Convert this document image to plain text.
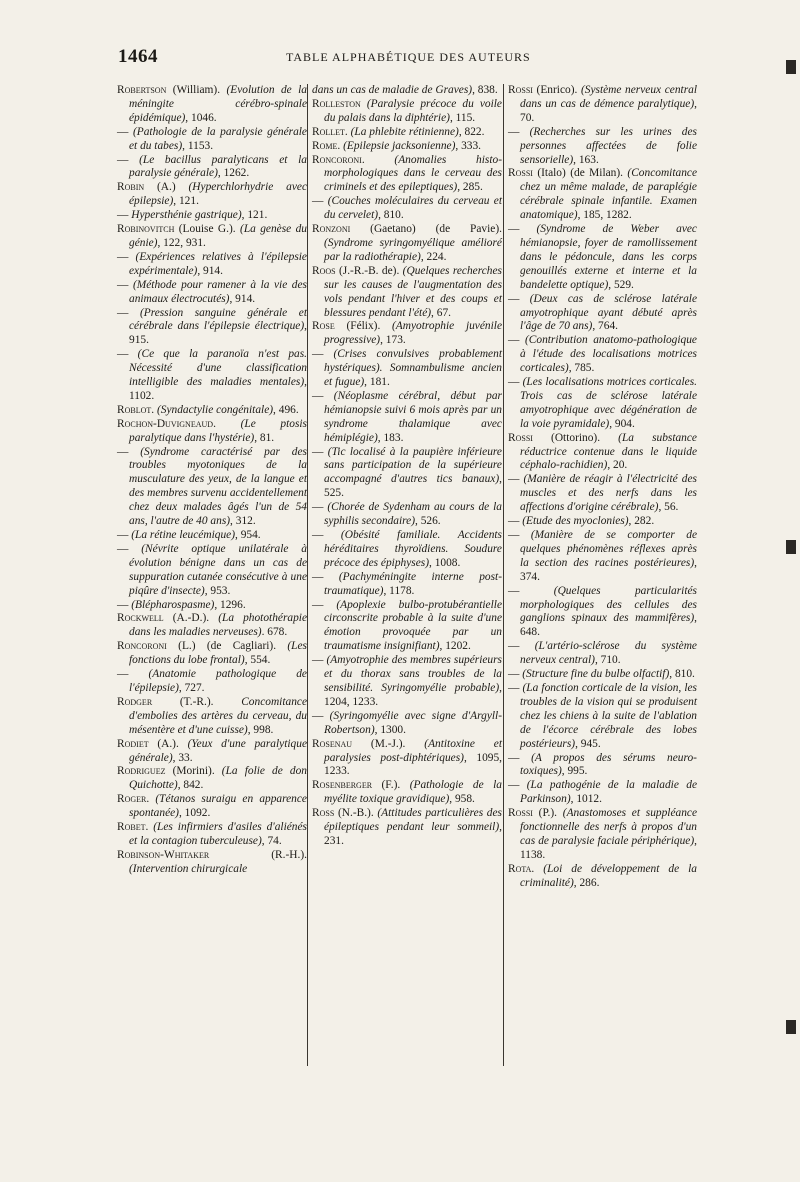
1464	TABLE ALPHABÉTIQUE DES AUTEURS

Robertson (William). (Evolution de la méningite cérébro-spinale épidémique), 1046.

— (Pathologie de la paralysie générale et du tabes), 1153.

— (Le bacillus paralyticans et la paralysie générale), 1262.

Robin (A.) (Hyperchlorhydrie avec épilepsie), 121.

— Hypersthénie gastrique), 121.

Robinovitch (Louise G.). (La genèse du génie), 122, 931.

— (Expériences relatives à l'épilepsie expérimentale), 914.

— (Méthode pour ramener à la vie des animaux électrocutés), 914.

— (Pression sanguine générale et cérébrale dans l'épilepsie électrique), 915.

— (Ce que la paranoïa n'est pas. Nécessité d'une classification intelligible des maladies mentales), 1102.

Roblot. (Syndactylie congénitale), 496.

Rochon-Duvigneaud. (Le ptosis paralytique dans l'hystérie), 81.

— (Syndrome caractérisé par des troubles myotoniques de la musculature des yeux, de la langue et des membres survenu accidentellement chez deux malades âgés l'un de 54 ans, l'autre de 40 ans), 312.

— (La rétine leucémique), 954.

— (Névrite optique unilatérale à évolution bénigne dans un cas de suppuration cutanée consécutive à une piqûre d'insecte), 953.

— (Blépharospasme), 1296.

Rockwell (A.-D.). (La photothérapie dans les maladies nerveuses). 678.

Roncoroni (L.) (de Cagliari). (Les fonctions du lobe frontal), 554.

— (Anatomie pathologique de l'épilepsie), 727.

Rodger (T.-R.). Concomitance d'embolies des artères du cerveau, du mésentère et d'une cuisse), 998.

Rodiet (A.). (Yeux d'une paralytique générale), 33.

Rodriguez (Morini). (La folie de don Quichotte), 842.

Roger. (Tétanos suraigu en apparence spontanée), 1092.

Robet. (Les infirmiers d'asiles d'aliénés et la contagion tuberculeuse), 74.

Robinson-Whitaker (R.-H.). (Intervention chirurgicale

dans un cas de maladie de Graves), 838.

Rolleston (Paralysie précoce du voile du palais dans la diphtérie), 115.

Rollet. (La phlebite rétinienne), 822.

Rome. (Epilepsie jacksonienne), 333.

Roncoroni. (Anomalies histo-morphologiques dans le cerveau des criminels et des epileptiques), 285.

— (Couches moléculaires du cerveau et du cervelet), 810.

Ronzoni (Gaetano) (de Pavie). (Syndrome syringomyélique amélioré par la radiothérapie), 224.

Roos (J.-R.-B. de). (Quelques recherches sur les causes de l'augmentation des vols pendant l'hiver et des coups et blessures pendant l'été), 67.

Rose (Félix). (Amyotrophie juvénile progressive), 173.

— (Crises convulsives probablement hystériques). Somnambulisme ancien et fugue), 181.

— (Néoplasme cérébral, début par hémianopsie suivi 6 mois après par un syndrome thalamique avec hémiplégie), 183.

— (Tic localisé à la paupière inférieure sans participation de la supérieure accompagné d'autres tics banaux), 525.

— (Chorée de Sydenham au cours de la syphilis secondaire), 526.

— (Obésité familiale. Accidents héréditaires thyroïdiens. Soudure précoce des épiphyses), 1008.

— (Pachyméningite interne post-traumatique), 1178.

— (Apoplexie bulbo-protubérantielle circonscrite probable à la suite d'une émotion provoquée par un traumatisme insignifiant), 1202.

— (Amyotrophie des membres supérieurs et du thorax sans troubles de la sensibilité. Syringomyélie probable), 1204, 1233.

— (Syringomyélie avec signe d'Argyll-Robertson), 1300.

Rosenau (M.-J.). (Antitoxine et paralysies post-diphtériques), 1095, 1233.

Rosenberger (F.). (Pathologie de la myélite toxique gravidique), 958.

Ross (N.-B.). (Attitudes particulières des épileptiques pendant leur sommeil), 231.

Rossi (Enrico). (Système nerveux central dans un cas de démence paralytique), 70.

— (Recherches sur les urines des personnes affectées de folie sensorielle), 163.

Rossi (Italo) (de Milan). (Concomitance chez un même malade, de paraplégie cérébrale spinale infantile. Examen anatomique), 185, 1282.

— (Syndrome de Weber avec hémianopsie, foyer de ramollissement dans le pédoncule, dans les corps genouillés externe et interne et la bandelette optique), 529.

— (Deux cas de sclérose latérale amyotrophique ayant débuté après l'âge de 70 ans), 764.

— (Contribution anatomo-pathologique à l'étude des localisations motrices corticales), 785.

— (Les localisations motrices corticales. Trois cas de sclérose latérale amyotrophique avec dégénération de la voie pyramidale), 904.

Rossi (Ottorino). (La substance réductrice contenue dans le liquide céphalo-rachidien), 20.

— (Manière de réagir à l'électricité des muscles et des nerfs dans les affections d'origine cérébrale), 56.

— (Etude des myoclonies), 282.

— (Manière de se comporter de quelques phénomènes réflexes après la section des racines postérieures), 374.

— (Quelques particularités morphologiques des cellules des ganglions spinaux des mammifères), 648.

— (L'artério-sclérose du système nerveux central), 710.

— (Structure fine du bulbe olfactif), 810.

— (La fonction corticale de la vision, les troubles de la vision qui se produisent chez les chiens à la suite de l'ablation de l'écorce cérébrale des lobes postérieurs), 945.

— (A propos des sérums neuro-toxiques), 995.

— (La pathogénie de la maladie de Parkinson), 1012.

Rossi (P.). (Anastomoses et suppléance fonctionnelle des nerfs à propos d'un cas de paralysie faciale périphérique), 1138.

Rota. (Loi de développement de la criminalité), 286.
